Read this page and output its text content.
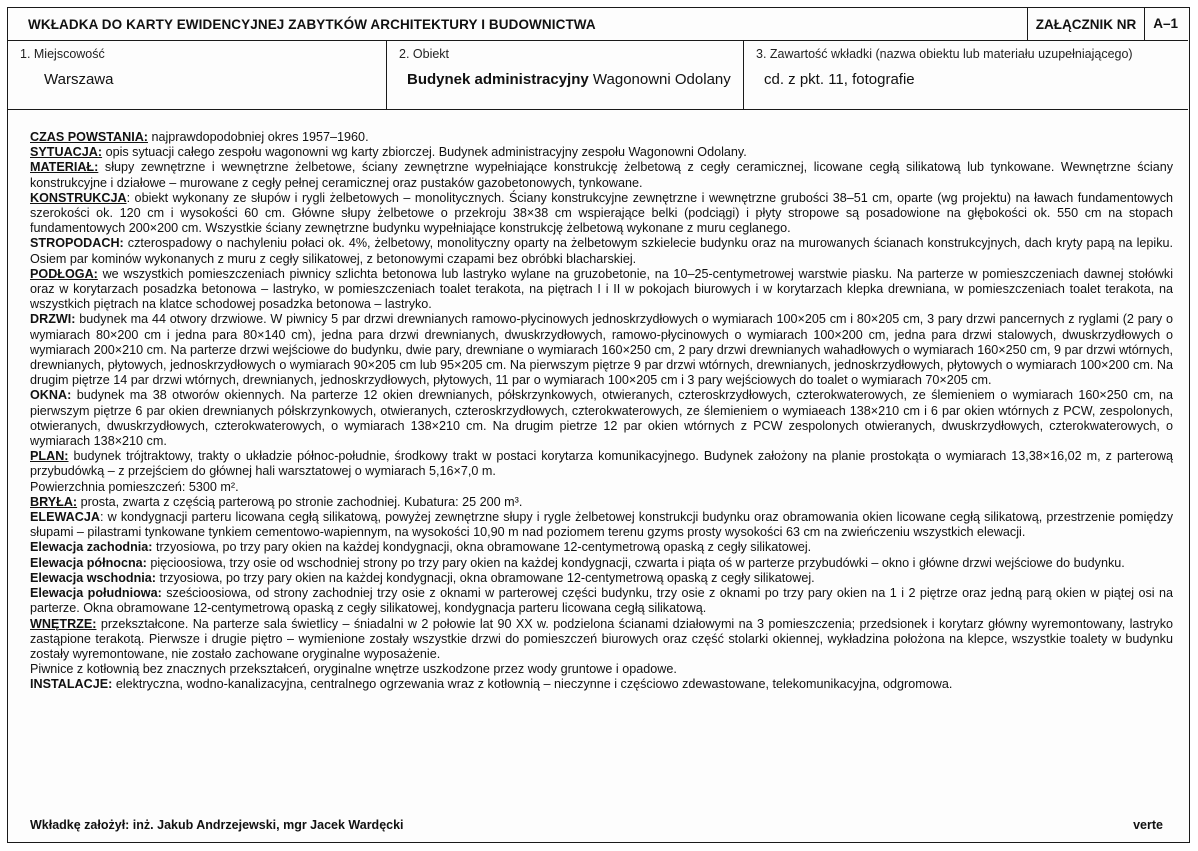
WKŁADKA DO KARTY EWIDENCYJNEJ ZABYTKÓW ARCHITEKTURY I BUDOWNICTWA	ZAŁĄCZNIK NR	A–1
1. Miejscowość
Warszawa
2. Obiekt
Budynek administracyjny Wagonowni Odolany
3. Zawartość wkładki (nazwa obiektu lub materiału uzupełniającego)
cd. z pkt. 11, fotografie

CZAS POWSTANIA: najprawdopodobniej okres 1957–1960.

SYTUACJA: opis sytuacji całego zespołu wagonowni wg karty zbiorczej. Budynek administracyjny zespołu Wagonowni Odolany.

MATERIAŁ: słupy zewnętrzne i wewnętrzne żelbetowe, ściany zewnętrzne wypełniające konstrukcję żelbetową z cegły ceramicznej, licowane cegłą silikatową lub tynkowane. Wewnętrzne ściany konstrukcyjne i działowe – murowane z cegły pełnej ceramicznej oraz pustaków gazobetonowych, tynkowane.

KONSTRUKCJA: obiekt wykonany ze słupów i rygli żelbetowych – monolitycznych. Ściany konstrukcyjne zewnętrzne i wewnętrzne grubości 38–51 cm, oparte (wg projektu) na ławach fundamentowych szerokości ok. 120 cm i wysokości 60 cm. Główne słupy żelbetowe o przekroju 38×38 cm wspierające belki (podciągi) i płyty stropowe są posadowione na głębokości ok. 550 cm na stopach fundamentowych 200×200 cm. Wszystkie ściany zewnętrzne budynku wypełniające konstrukcję żelbetową wykonane z muru ceglanego.

STROPODACH: czterospadowy o nachyleniu połaci ok. 4%, żelbetowy, monolityczny oparty na żelbetowym szkielecie budynku oraz na murowanych ścianach konstrukcyjnych, dach kryty papą na lepiku. Osiem par kominów wykonanych z muru z cegły silikatowej, z betonowymi czapami bez obróbki blacharskiej.

PODŁOGA: we wszystkich pomieszczeniach piwnicy szlichta betonowa lub lastryko wylane na gruzobetonie, na 10–25-centymetrowej warstwie piasku. Na parterze w pomieszczeniach dawnej stołówki oraz w korytarzach posadzka betonowa – lastryko, w pomieszczeniach toalet terakota, na piętrach I i II w pokojach biurowych i w korytarzach klepka drewniana, w pomieszczeniach toalet terakota, na wszystkich piętrach na klatce schodowej posadzka betonowa – lastryko.

DRZWI: budynek ma 44 otwory drzwiowe. W piwnicy 5 par drzwi drewnianych ramowo-płycinowych jednoskrzydłowych o wymiarach 100×205 cm i 80×205 cm, 3 pary drzwi pancernych z ryglami (2 pary o wymiarach 80×200 cm i jedna para 80×140 cm), jedna para drzwi drewnianych, dwuskrzydłowych, ramowo-płycinowych o wymiarach 100×200 cm, jedna para drzwi stalowych, dwuskrzydłowych o wymiarach 200×210 cm. Na parterze drzwi wejściowe do budynku, dwie pary, drewniane o wymiarach 160×250 cm, 2 pary drzwi drewnianych wahadłowych o wymiarach 160×250 cm, 9 par drzwi wtórnych, drewnianych, płytowych, jednoskrzydłowych o wymiarach 90×205 cm lub 95×205 cm. Na pierwszym piętrze 9 par drzwi wtórnych, drewnianych, jednoskrzydłowych, płytowych o wymiarach 100×200 cm. Na drugim piętrze 14 par drzwi wtórnych, drewnianych, jednoskrzydłowych, płytowych, 11 par o wymiarach 100×205 cm i 3 pary wejściowych do toalet o wymiarach 70×205 cm.

OKNA: budynek ma 38 otworów okiennych. Na parterze 12 okien drewnianych, półskrzynkowych, otwieranych, czteroskrzydłowych, czterokwaterowych, ze ślemieniem o wymiarach 160×250 cm, na pierwszym piętrze 6 par okien drewnianych półskrzynkowych, otwieranych, czteroskrzydłowych, czterokwaterowych, ze ślemieniem o wymiaeach 138×210 cm i 6 par okien wtórnych z PCW, zespolonych, otwieranych, dwuskrzydłowych, czterokwaterowych, o wymiarach 138×210 cm. Na drugim pietrze 12 par okien wtórnych z PCW zespolonych otwieranych, dwuskrzydłowych, czterokwaterowych, o wymiarach 138×210 cm.

PLAN: budynek trójtraktowy, trakty o układzie północ-południe, środkowy trakt w postaci korytarza komunikacyjnego. Budynek założony na planie prostokąta o wymiarach 13,38×16,02 m, z parterową przybudówką – z przejściem do głównej hali warsztatowej o wymiarach 5,16×7,0 m.

Powierzchnia pomieszczeń: 5300 m².

BRYŁA: prosta, zwarta z częścią parterową po stronie zachodniej. Kubatura: 25 200 m³.

ELEWACJA: w kondygnacji parteru licowana cegłą silikatową, powyżej zewnętrzne słupy i rygle żelbetowej konstrukcji budynku oraz obramowania okien licowane cegłą silikatową, przestrzenie pomiędzy słupami – pilastrami tynkowane tynkiem cementowo-wapiennym, na wysokości 10,90 m nad poziomem terenu gzyms prosty wysokości 63 cm na zwieńczeniu wszystkich elewacji.

Elewacja zachodnia: trzyosiowa, po trzy pary okien na każdej kondygnacji, okna obramowane 12-centymetrową opaską z cegły silikatowej.

Elewacja północna: pięcioosiowa, trzy osie od wschodniej strony po trzy pary okien na każdej kondygnacji, czwarta i piąta oś w parterze przybudówki – okno i główne drzwi wejściowe do budynku.

Elewacja wschodnia: trzyosiowa, po trzy pary okien na każdej kondygnacji, okna obramowane 12-centymetrową opaską z cegły silikatowej.

Elewacja południowa: sześcioosiowa, od strony zachodniej trzy osie z oknami w parterowej części budynku, trzy osie z oknami po trzy pary okien na 1 i 2 piętrze oraz jedną parą okien w piątej osi na parterze. Okna obramowane 12-centymetrową opaską z cegły silikatowej, kondygnacja parteru licowana cegłą silikatową.

WNĘTRZE: przekształcone. Na parterze sala świetlicy – śniadalni w 2 połowie lat 90 XX w. podzielona ścianami działowymi na 3 pomieszczenia; przedsionek i korytarz główny wyremontowany, lastryko zastąpione terakotą. Pierwsze i drugie piętro – wymienione zostały wszystkie drzwi do pomieszczeń biurowych oraz część stolarki okiennej, wykładzina położona na klepce, wszystkie toalety w budynku zostały wyremontowane, nie zostało zachowane oryginalne wyposażenie.

Piwnice z kotłownią bez znacznych przekształceń, oryginalne wnętrze uszkodzone przez wody gruntowe i opadowe.

INSTALACJE: elektryczna, wodno-kanalizacyjna, centralnego ogrzewania wraz z kotłownią – nieczynne i częściowo zdewastowane, telekomunikacyjna, odgromowa.

Wkładkę założył: inż. Jakub Andrzejewski, mgr Jacek Wardęcki	verte
